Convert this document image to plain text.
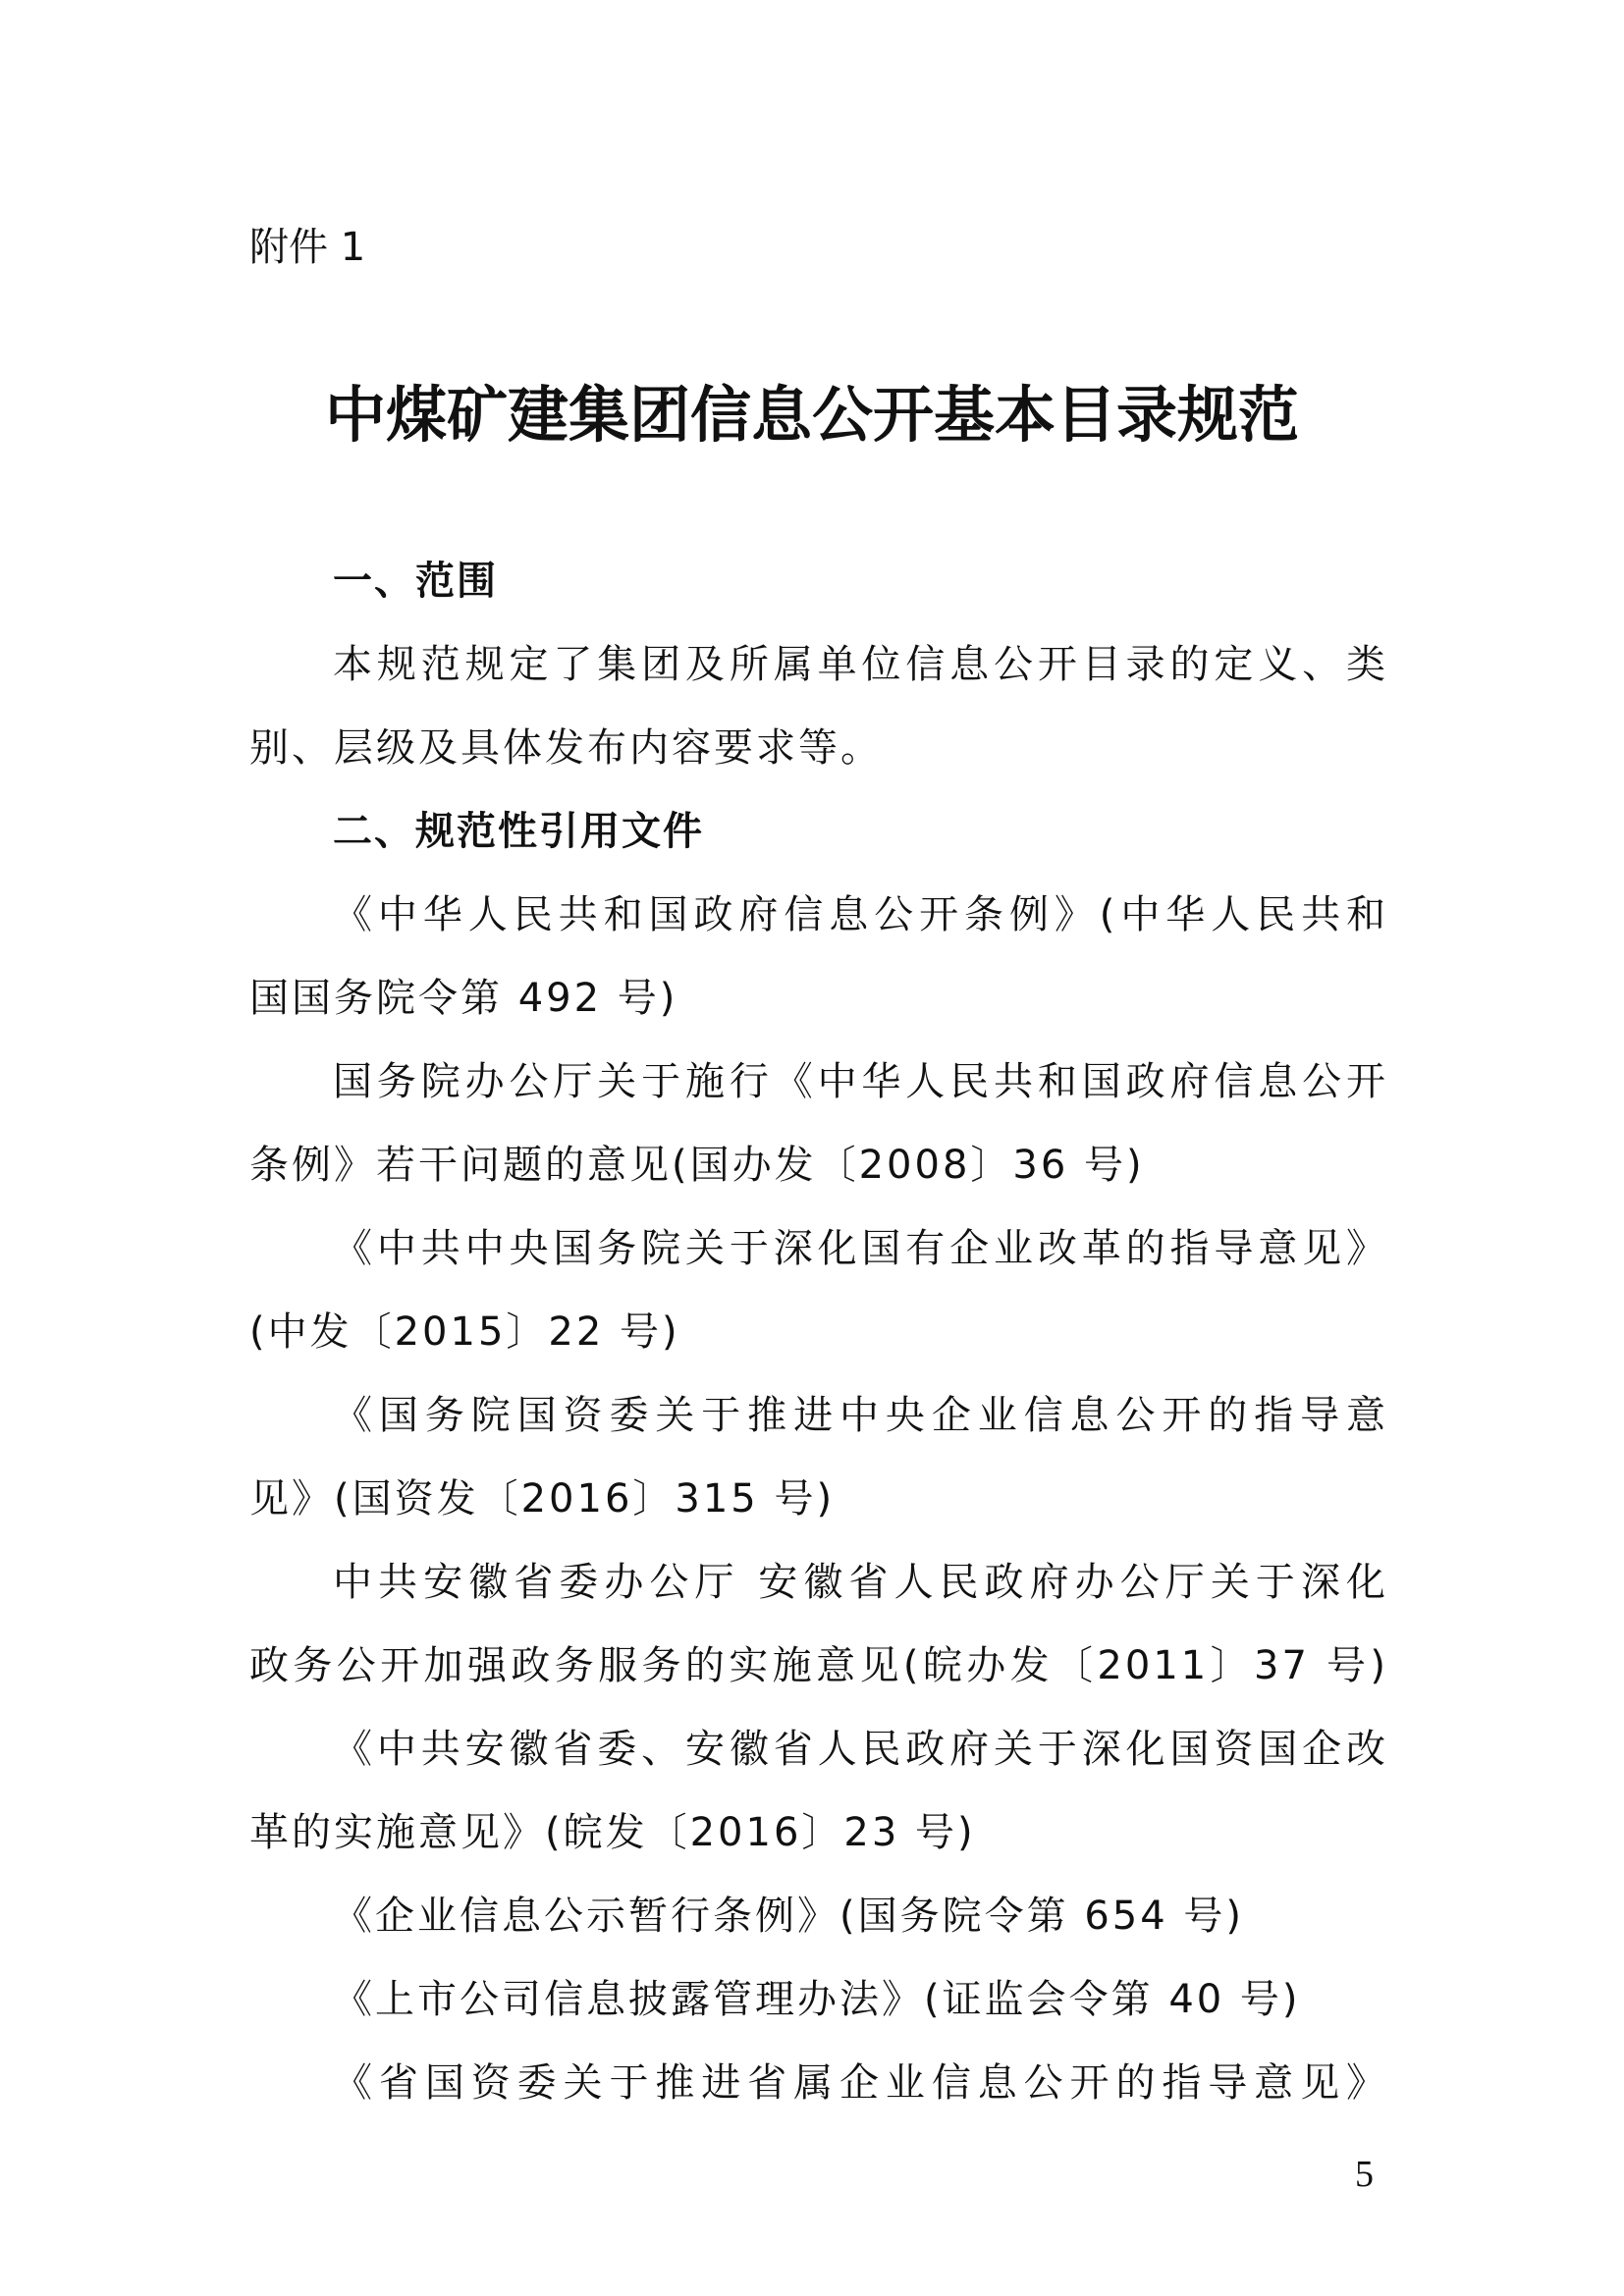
附件 1
中煤矿建集团信息公开基本目录规范
一、范围
本规范规定了集团及所属单位信息公开目录的定义、类
别、层级及具体发布内容要求等。
二、规范性引用文件
《中华人民共和国政府信息公开条例》(中华人民共和
国国务院令第 492 号)
国务院办公厅关于施行《中华人民共和国政府信息公开
条例》若干问题的意见(国办发〔2008〕36 号)
《中共中央国务院关于深化国有企业改革的指导意见》
(中发〔2015〕22 号)
《国务院国资委关于推进中央企业信息公开的指导意
见》(国资发〔2016〕315 号)
中共安徽省委办公厅 安徽省人民政府办公厅关于深化
政务公开加强政务服务的实施意见(皖办发〔2011〕37 号)
《中共安徽省委、安徽省人民政府关于深化国资国企改
革的实施意见》(皖发〔2016〕23 号)
《企业信息公示暂行条例》(国务院令第 654 号)
《上市公司信息披露管理办法》(证监会令第 40 号)
《省国资委关于推进省属企业信息公开的指导意见》
5
